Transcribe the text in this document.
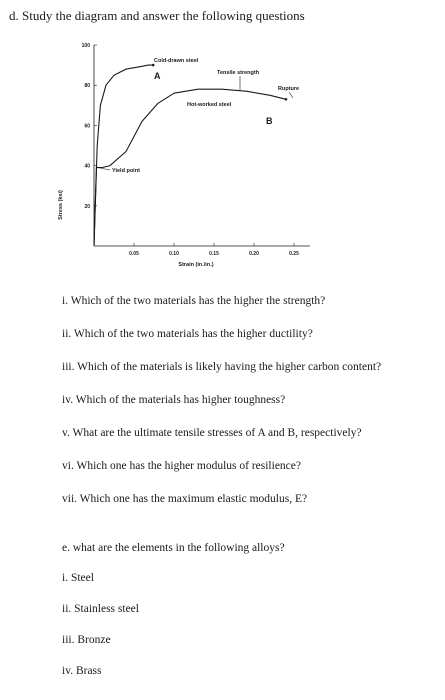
d. Study the diagram and answer the following questions
0.05	0.10	0.15	0.20	0.25
20
40
60
80
100
Cold-drawn steel
Tensile strength
Rupture
Hot-worked steel
Yield point
A
B
Strain (in./in.)
Stress (ksi)
i. Which of the two materials has the higher the strength?
ii. Which of the two materials has the higher ductility?
iii. Which of the materials is likely having the higher carbon content?
iv. Which of the materials has higher toughness?
v. What are the ultimate tensile stresses of A and B, respectively?
vi. Which one has the higher modulus of resilience?
vii. Which one has the maximum elastic modulus, E?
e. what are the elements in the following alloys?
i. Steel
ii. Stainless steel
iii. Bronze
iv. Brass
